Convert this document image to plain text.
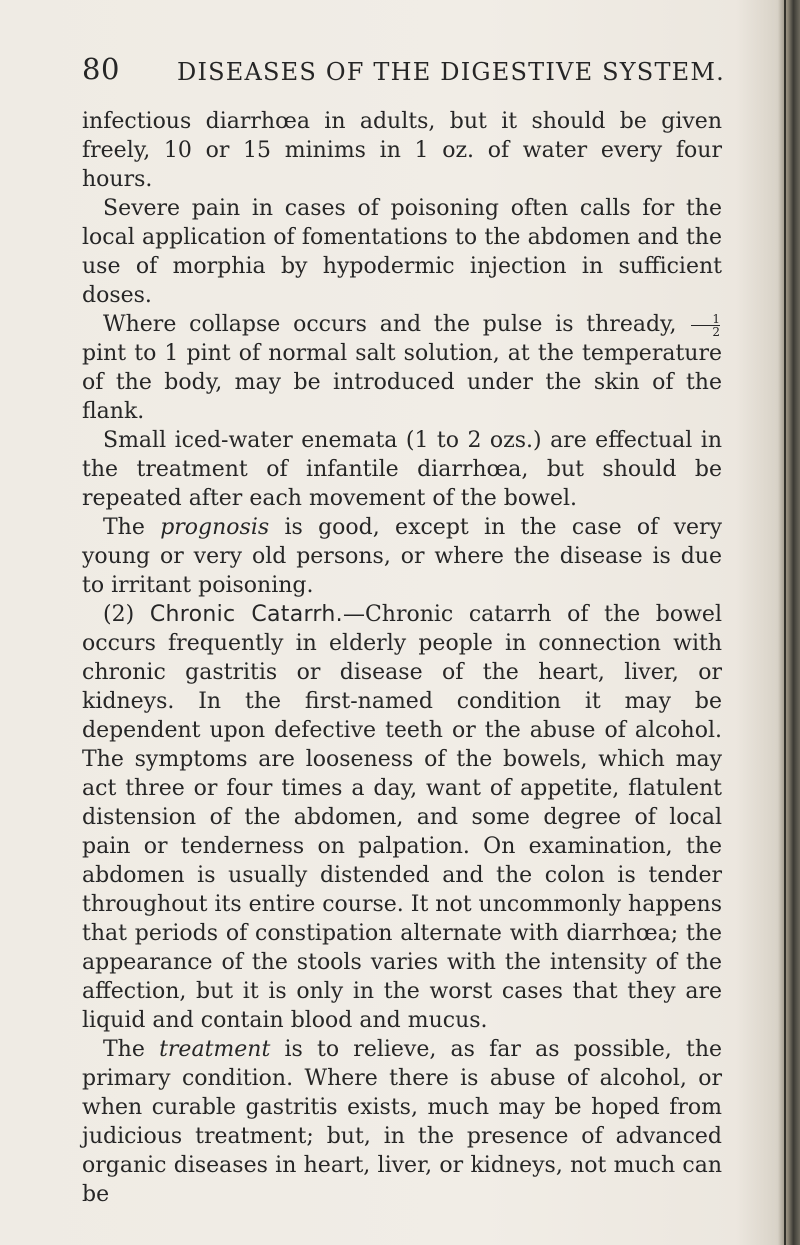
80 DISEASES OF THE DIGESTIVE SYSTEM.

infectious diarrhœa in adults, but it should be given freely, 10 or 15 minims in 1 oz. of water every four hours.

Severe pain in cases of poisoning often calls for the local application of fomentations to the abdomen and the use of morphia by hypodermic injection in sufficient doses.

Where collapse occurs and the pulse is thready, $\frac{1}{2}$
pint to 1 pint of normal salt solution, at the temperature of the body, may be introduced under the skin of the flank.

Small iced-water enemata (1 to 2 ozs.) are effectual in the treatment of infantile diarrhœa, but should be repeated after each movement of the bowel.

The prognosis is good, except in the case of very young or very old persons, or where the disease is due to irritant poisoning.

(2) Chronic Catarrh.—Chronic catarrh of the bowel occurs frequently in elderly people in connection with chronic gastritis or disease of the heart, liver, or kidneys. In the first-named condition it may be dependent upon defective teeth or the abuse of alcohol. The symptoms are looseness of the bowels, which may act three or four times a day, want of appetite, flatulent distension of the abdomen, and some degree of local pain or tenderness on palpation. On examination, the abdomen is usually distended and the colon is tender throughout its entire course. It not uncommonly happens that periods of constipation alternate with diarrhœa; the appearance of the stools varies with the intensity of the affection, but it is only in the worst cases that they are liquid and contain blood and mucus.

The treatment is to relieve, as far as possible, the primary condition. Where there is abuse of alcohol, or when curable gastritis exists, much may be hoped from judicious treatment; but, in the presence of advanced organic diseases in heart, liver, or kidneys, not much can be
